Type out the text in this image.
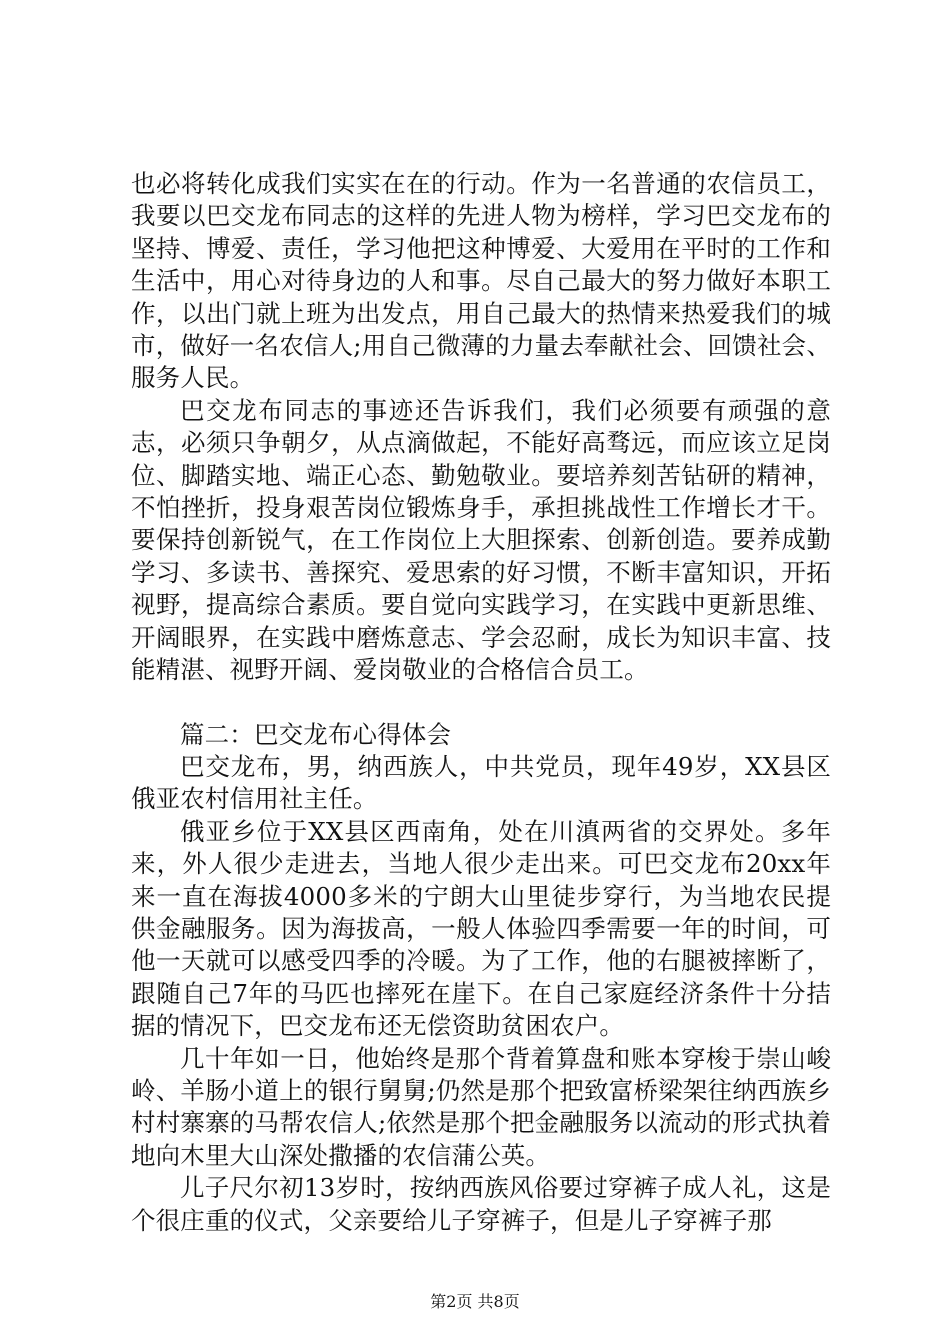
也必将转化成我们实实在在的行动。作为一名普通的农信员工，我要以巴交龙布同志的这样的先进人物为榜样，学习巴交龙布的坚持、博爱、责任，学习他把这种博爱、大爱用在平时的工作和生活中，用心对待身边的人和事。尽自己最大的努力做好本职工作，以出门就上班为出发点，用自己最大的热情来热爱我们的城市，做好一名农信人;用自己微薄的力量去奉献社会、回馈社会、服务人民。

巴交龙布同志的事迹还告诉我们，我们必须要有顽强的意志，必须只争朝夕，从点滴做起，不能好高骛远，而应该立足岗位、脚踏实地、端正心态、勤勉敬业。要培养刻苦钻研的精神，不怕挫折，投身艰苦岗位锻炼身手，承担挑战性工作增长才干。要保持创新锐气，在工作岗位上大胆探索、创新创造。要养成勤学习、多读书、善探究、爱思索的好习惯，不断丰富知识，开拓视野，提高综合素质。要自觉向实践学习，在实践中更新思维、开阔眼界，在实践中磨炼意志、学会忍耐，成长为知识丰富、技能精湛、视野开阔、爱岗敬业的合格信合员工。

篇二：巴交龙布心得体会

巴交龙布，男，纳西族人，中共党员，现年49岁，XX县区俄亚农村信用社主任。

俄亚乡位于XX县区西南角，处在川滇两省的交界处。多年来，外人很少走进去，当地人很少走出来。可巴交龙布20xx年来一直在海拔4000多米的宁朗大山里徒步穿行，为当地农民提供金融服务。因为海拔高，一般人体验四季需要一年的时间，可他一天就可以感受四季的冷暖。为了工作，他的右腿被摔断了，跟随自己7年的马匹也摔死在崖下。在自己家庭经济条件十分拮据的情况下，巴交龙布还无偿资助贫困农户。

几十年如一日，他始终是那个背着算盘和账本穿梭于崇山峻岭、羊肠小道上的银行舅舅;仍然是那个把致富桥梁架往纳西族乡村村寨寨的马帮农信人;依然是那个把金融服务以流动的形式执着地向木里大山深处撒播的农信蒲公英。

儿子尺尔初13岁时，按纳西族风俗要过穿裤子成人礼，这是个很庄重的仪式，父亲要给儿子穿裤子，但是儿子穿裤子那

第2页 共8页
